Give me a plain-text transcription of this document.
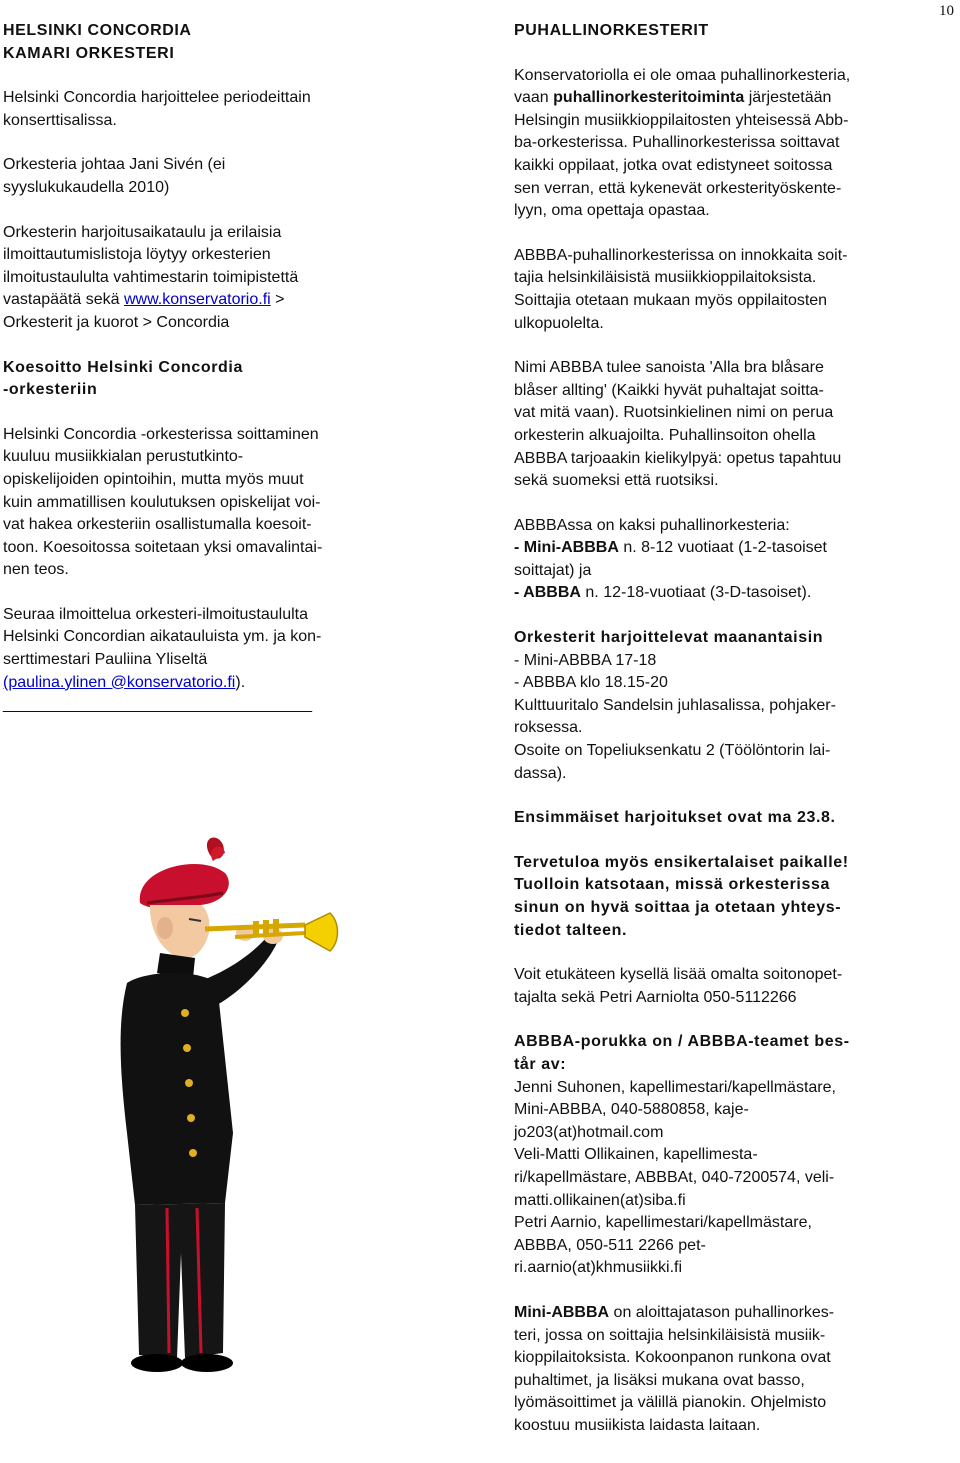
10

HELSINKI CONCORDIA
KAMARI ORKESTERI

Helsinki Concordia harjoittelee periodeittain
konserttisalissa.

Orkesteria johtaa Jani Sivén (ei
syyslukukaudella 2010)

Orkesterin harjoitusaikataulu ja erilaisia
ilmoittautumislistoja löytyy orkesterien
ilmoitustaululta vahtimestarin toimipistettä
vastapäätä sekä www.konservatorio.fi >
Orkesterit ja kuorot > Concordia

Koesoitto Helsinki Concordia
-orkesteriin

Helsinki Concordia -orkesterissa soittaminen
kuuluu musiikkialan perustutkinto-
opiskelijoiden opintoihin, mutta myös muut
kuin ammatillisen koulutuksen opiskelijat voi-
vat hakea orkesteriin osallistumalla koesoit-
toon. Koesoitossa soitetaan yksi omavalintai-
nen teos.

Seuraa ilmoittelua orkesteri-ilmoitustaululta
Helsinki Concordian aikatauluista ym. ja kon-
serttimestari Pauliina Yliseltä
(paulina.ylinen @konservatorio.fi).

_______________________________________

PUHALLINORKESTERIT

Konservatoriolla ei ole omaa puhallinorkesteria,
vaan puhallinorkesteritoiminta järjestetään
Helsingin musiikkioppilaitosten yhteisessä Abb-
ba-orkesterissa. Puhallinorkesterissa soittavat
kaikki oppilaat, jotka ovat edistyneet soitossa
sen verran, että kykenevät orkesterityöskente-
lyyn, oma opettaja opastaa.

ABBBA-puhallinorkesterissa on innokkaita soit-
tajia helsinkiläisistä musiikkioppilaitoksista.
Soittajia otetaan mukaan myös oppilaitosten
ulkopuolelta.

Nimi ABBBA tulee sanoista 'Alla bra blåsare
blåser allting' (Kaikki hyvät puhaltajat soitta-
vat mitä vaan). Ruotsinkielinen nimi on perua
orkesterin alkuajoilta. Puhallinsoiton ohella
ABBBA tarjoaakin kielikylpyä: opetus tapahtuu
sekä suomeksi että ruotsiksi.

ABBBAssa on kaksi puhallinorkesteria:
- Mini-ABBBA n. 8-12 vuotiaat (1-2-tasoiset
soittajat) ja
- ABBBA n. 12-18-vuotiaat (3-D-tasoiset).

Orkesterit harjoittelevat maanantaisin

- Mini-ABBBA 17-18
- ABBBA klo 18.15-20
Kulttuuritalo Sandelsin juhlasalissa, pohjaker-
roksessa.
Osoite on Topeliuksenkatu 2 (Töölöntorin lai-
dassa).

Ensimmäiset harjoitukset ovat ma 23.8.

Tervetuloa myös ensikertalaiset paikalle!
Tuolloin katsotaan, missä orkesterissa
sinun on hyvä soittaa ja otetaan yhteys-
tiedot talteen.

Voit etukäteen kysellä lisää omalta soitonopet-
tajalta sekä Petri Aarniolta 050-5112266

ABBBA-porukka on / ABBBA-teamet bes-
tår av:

Jenni Suhonen, kapellimestari/kapellmästare,
Mini-ABBBA, 040-5880858, kaje-
jo203(at)hotmail.com
Veli-Matti Ollikainen, kapellimesta-
ri/kapellmästare, ABBBAt, 040-7200574, veli-
matti.ollikainen(at)siba.fi
Petri Aarnio, kapellimestari/kapellmästare,
ABBBA, 050-511 2266 pet-
ri.aarnio(at)khmusiikki.fi

Mini-ABBBA on aloittajatason puhallinorkes-
teri, jossa on soittajia helsinkiläisistä musiik-
kioppilaitoksista. Kokoonpanon runkona ovat
puhaltimet, ja lisäksi mukana ovat basso,
lyömäsoittimet ja välillä pianokin. Ohjelmisto
koostuu musiikista laidasta laitaan.
